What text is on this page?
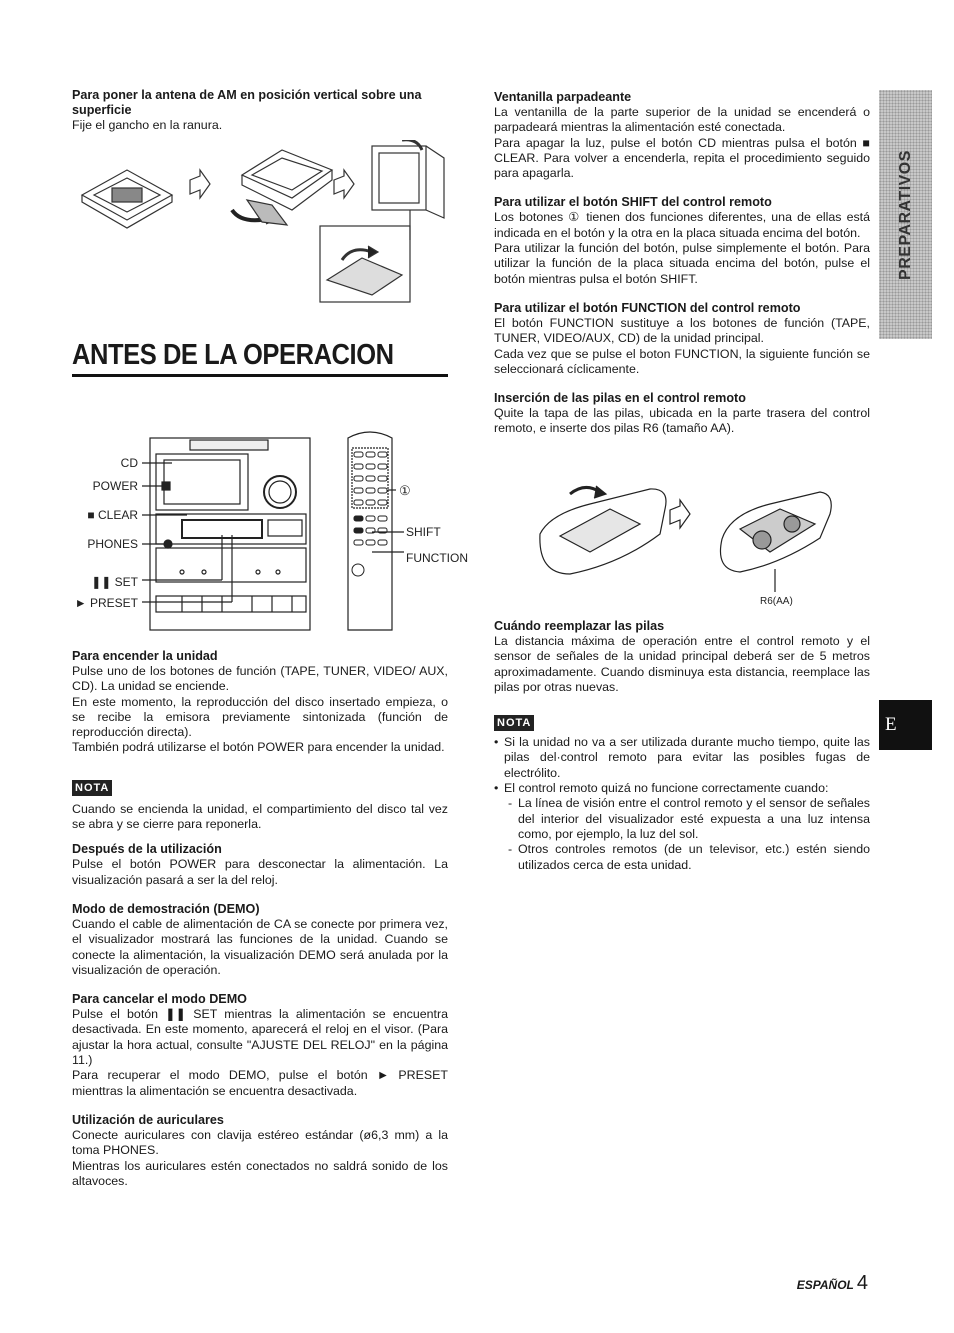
Para poner la antena de AM en posición vertical sobre una superficie

Fije el gancho en la ranura.

ANTES DE LA OPERACION
CD
POWER
■ CLEAR
PHONES
❚❚ SET
► PRESET
①
SHIFT
FUNCTION
Para encender la unidad

Pulse uno de los botones de función (TAPE, TUNER, VIDEO/ AUX, CD). La unidad se enciende.

En este momento, la reproducción del disco insertado empieza, o se recibe la emisora previamente sintonizada (función de reproducción directa).

También podrá utilizarse el botón POWER para encender la unidad.

NOTA

Cuando se encienda la unidad, el compartimiento del disco tal vez se abra y se cierre para reponerla.

Después de la utilización

Pulse el botón POWER para desconectar la alimentación. La visualización pasará a ser la del reloj.

Modo de demostración (DEMO)

Cuando el cable de alimentación de CA se conecte por primera vez, el visualizador mostrará las funciones de la unidad. Cuando se conecte la alimentación, la visualización DEMO será anulada por la visualización de operación.

Para cancelar el modo DEMO

Pulse el botón ❚❚ SET mientras la alimentación se encuentra desactivada. En este momento, aparecerá el reloj en el visor. (Para ajustar la hora actual, consulte "AJUSTE DEL RELOJ" en la página 11.)

Para recuperar el modo DEMO, pulse el botón ► PRESET mienttras la alimentación se encuentra desactivada.

Utilización de auriculares

Conecte auriculares con clavija estéreo estándar (ø6,3 mm) a la toma PHONES.

Mientras los auriculares estén conectados no saldrá sonido de los altavoces.

Ventanilla parpadeante

La ventanilla de la parte superior de la unidad se encenderá o parpadeará mientras la alimentación esté conectada.

Para apagar la luz, pulse el botón CD mientras pulsa el botón ■ CLEAR. Para volver a encenderla, repita el procedimiento seguido para apagarla.

Para utilizar el botón SHIFT del control remoto

Los botones ① tienen dos funciones diferentes, una de ellas está indicada en el botón y la otra en la placa situada encima del botón.

Para utilizar la función del botón, pulse simplemente el botón. Para utilizar la función de la placa situada encima del botón, pulse el botón mientras pulsa el botón SHIFT.

Para utilizar el botón FUNCTION del control remoto

El botón FUNCTION sustituye a los botones de función (TAPE, TUNER, VIDEO/AUX, CD) de la unidad principal.

Cada vez que se pulse el boton FUNCTION, la siguiente función se seleccionará cíclicamente.

Inserción de las pilas en el control remoto

Quite la tapa de las pilas, ubicada en la parte trasera del control remoto, e inserte dos pilas R6 (tamaño AA).

R6(AA)
Cuándo reemplazar las pilas

La distancia máxima de operación entre el control remoto y el sensor de señales de la unidad principal deberá ser de 5 metros aproximadamente. Cuando disminuya esta distancia, reemplace las pilas por otras nuevas.

NOTA
• Si la unidad no va a ser utilizada durante mucho tiempo, quite las pilas del·control remoto para evitar las posibles fugas de electrólito.
• El control remoto quizá no funcione correctamente cuando:
- La línea de visión entre el control remoto y el sensor de señales del interior del visualizador esté expuesta a una luz intensa como, por ejemplo, la luz del sol.
- Otros controles remotos (de un televisor, etc.) estén siendo utilizados cerca de esta unidad.
PREPARATIVOS
E
ESPAÑOL 4
